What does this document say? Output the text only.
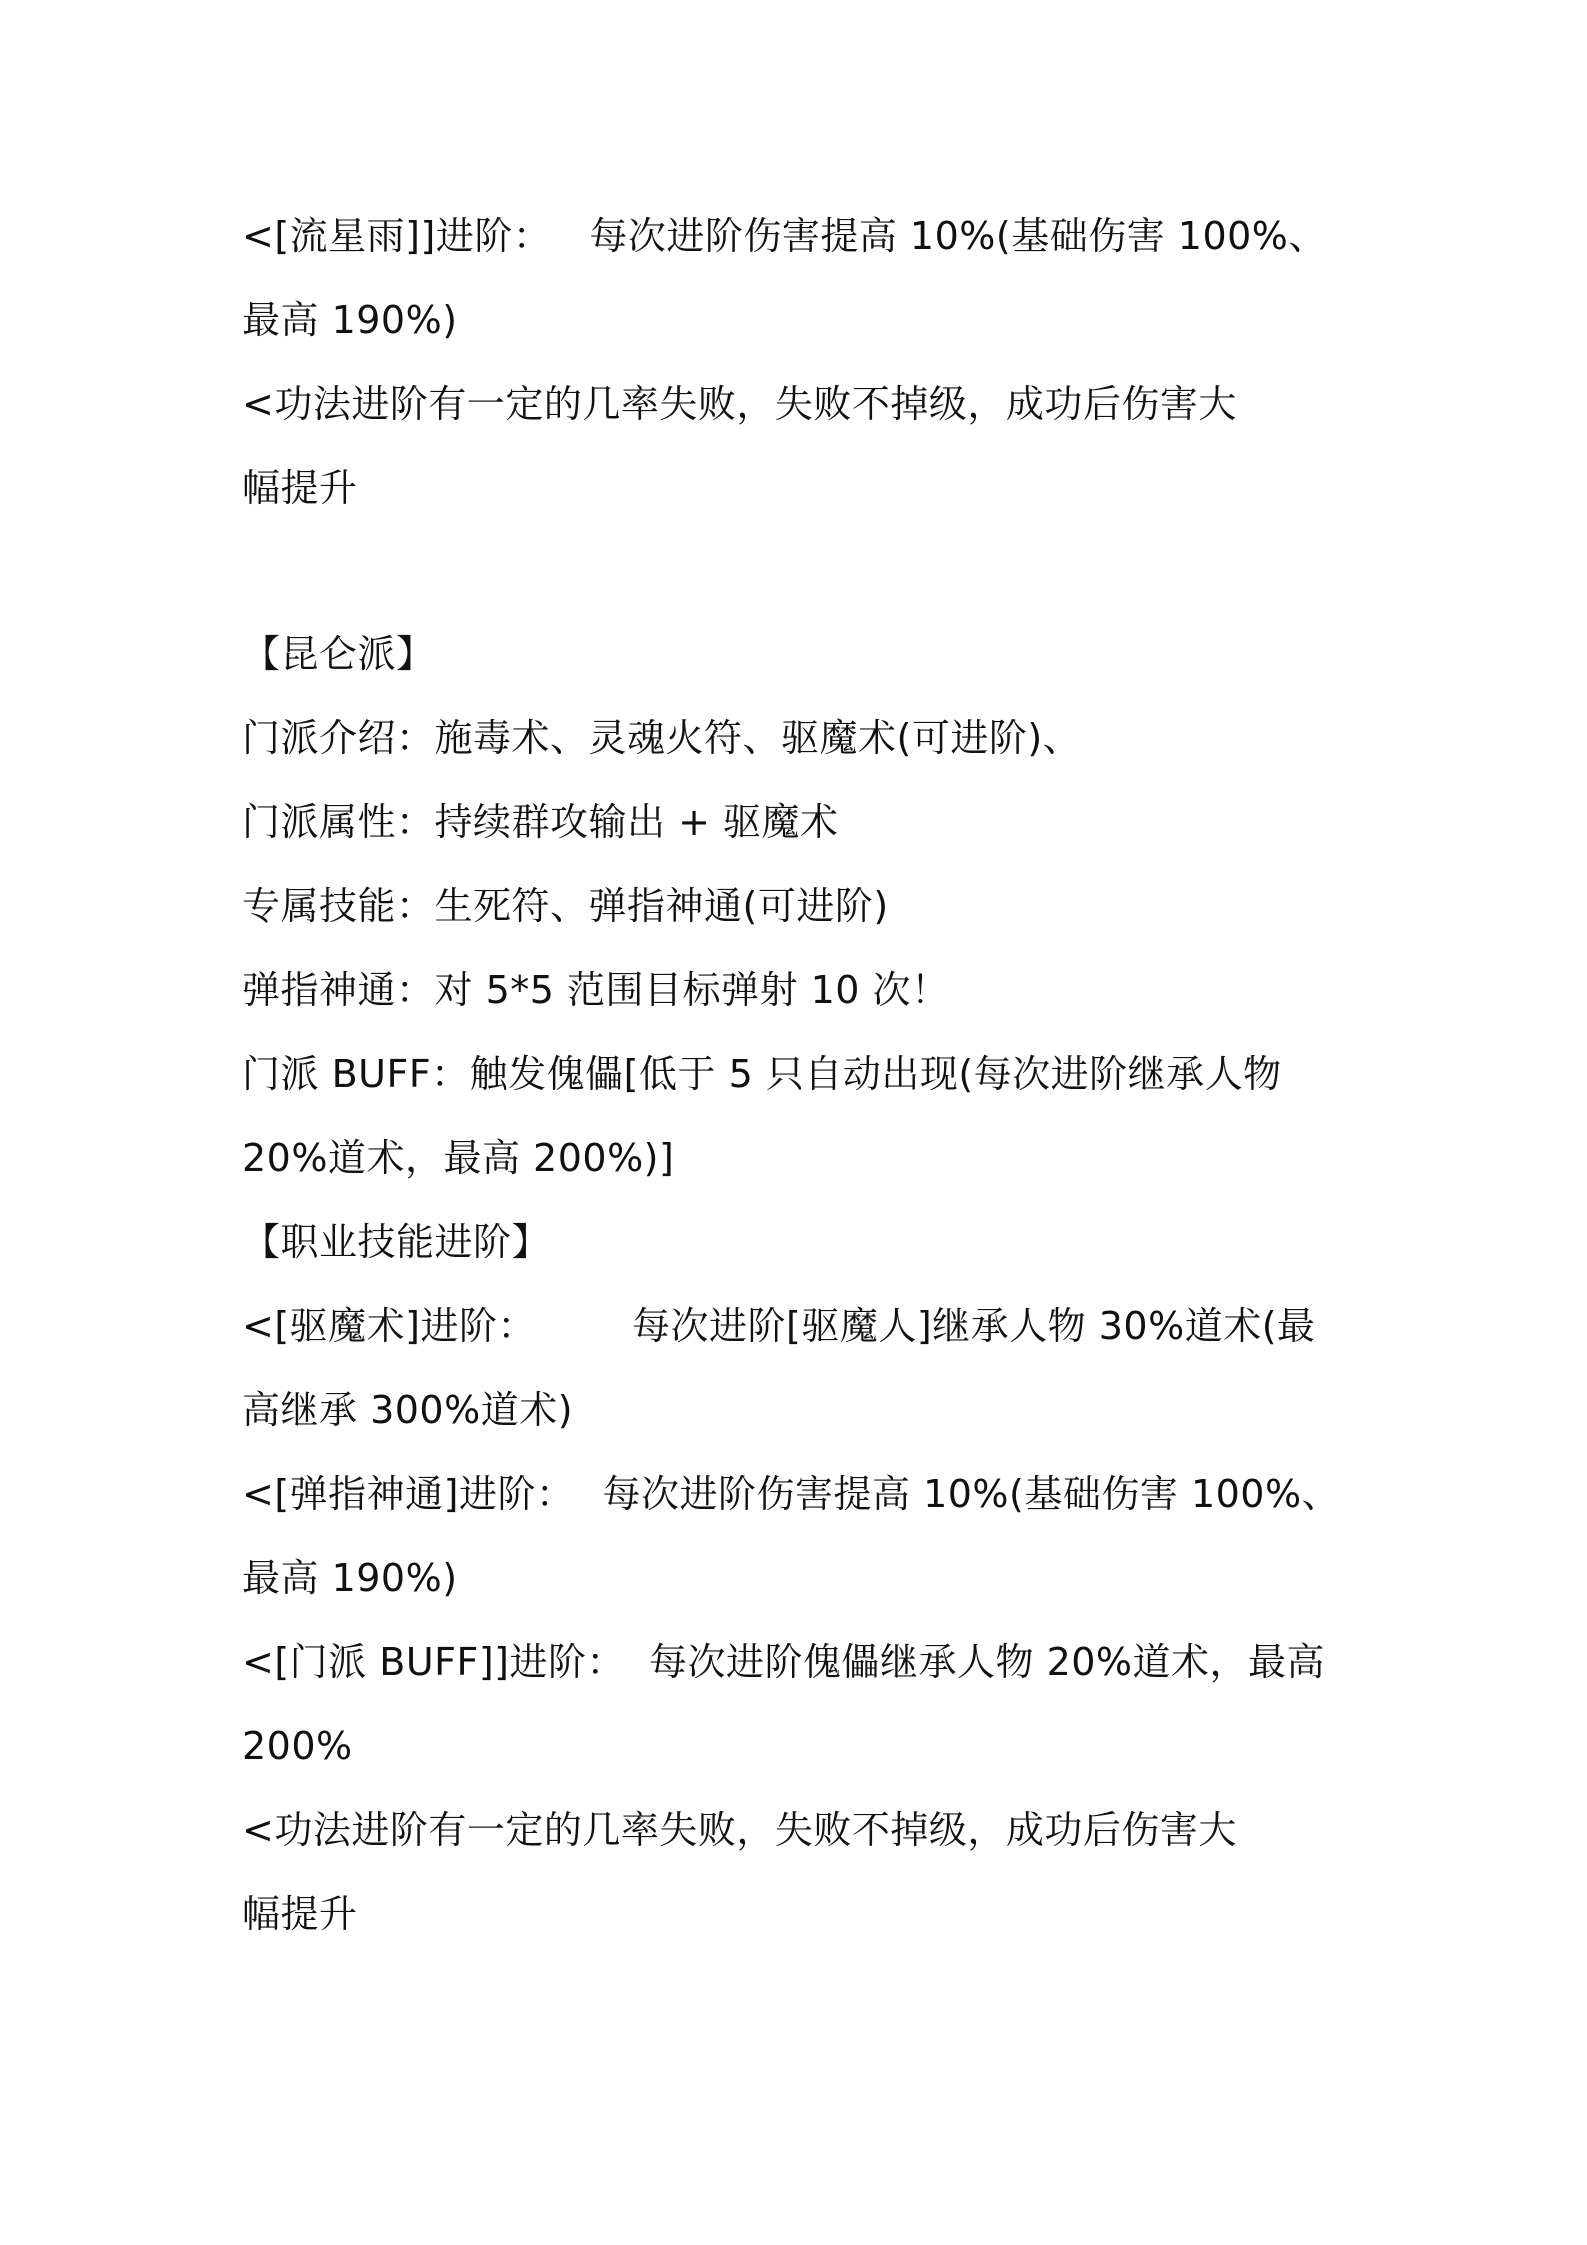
<[流星雨]]进阶： 每次进阶伤害提高 10%(基础伤害 100%、
最高 190%)
<功法进阶有一定的几率失败，失败不掉级，成功后伤害大
幅提升
【昆仑派】
门派介绍：施毒术、灵魂火符、驱魔术(可进阶)、
门派属性：持续群攻输出 + 驱魔术
专属技能：生死符、弹指神通(可进阶)
弹指神通：对 5*5 范围目标弹射 10 次！
门派 BUFF：触发傀儡[低于 5 只自动出现(每次进阶继承人物
20%道术，最高 200%)]
【职业技能进阶】
<[驱魔术]进阶：	每次进阶[驱魔人]继承人物 30%道术(最
高继承 300%道术)
<[弹指神通]进阶： 每次进阶伤害提高 10%(基础伤害 100%、
最高 190%)
<[门派 BUFF]]进阶： 每次进阶傀儡继承人物 20%道术，最高
200%
<功法进阶有一定的几率失败，失败不掉级，成功后伤害大
幅提升
